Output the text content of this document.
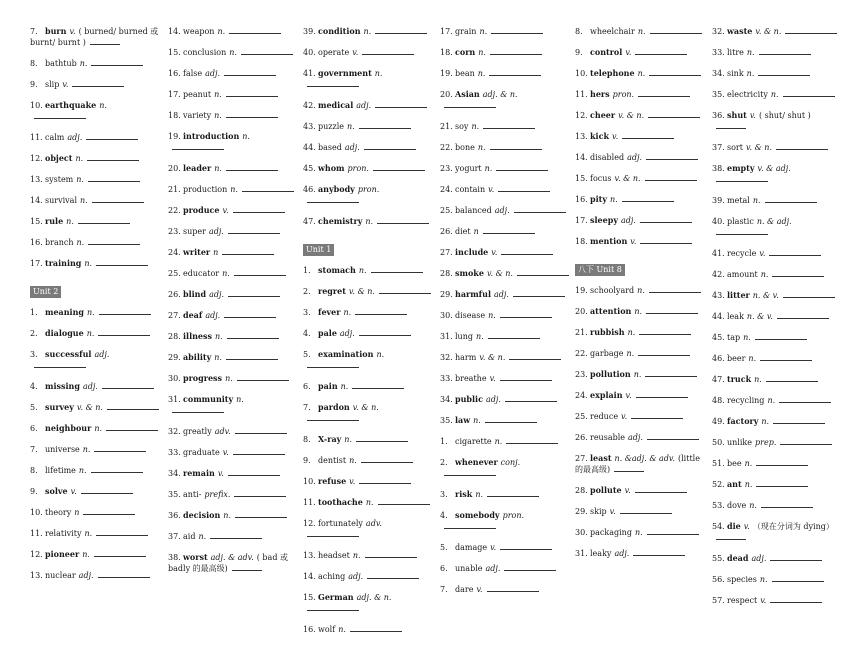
7. burn v. ( burned/ burned 或 burnt/ burnt )
8. bathtub n.
9. slip v.
10. earthquake n.
11. calm adj.
12. object n.
13. system n.
14. survival n.
15. rule n.
16. branch n.
17. training n.
Unit 2
1. meaning n.
2. dialogue n.
3. successful adj.
4. missing adj.
5. survey v. & n.
6. neighbour n.
7. universe n.
8. lifetime n.
9. solve v.
10. theory n
11. relativity n.
12. pioneer n.
13. nuclear adj.
14. weapon n.
15. conclusion n.
16. false adj.
17. peanut n.
18. variety n.
19. introduction n.
20. leader n.
21. production n.
22. produce v.
23. super adj.
24. writer n
25. educator n.
26. blind adj.
27. deaf adj.
28. illness n.
29. ability n.
30. progress n.
31. community n.
32. greatly adv.
33. graduate v.
34. remain v.
35. anti- prefix.
36. decision n.
37. aid n.
38. worst adj. & adv. ( bad 或 badly 的最高级)
39. condition n.
40. operate v.
41. government n.
42. medical adj.
43. puzzle n.
44. based adj.
45. whom pron.
46. anybody pron.
47. chemistry n.
Unit 1
1. stomach n.
2. regret v. & n.
3. fever n.
4. pale adj.
5. examination n.
6. pain n.
7. pardon v. & n.
8. X-ray n.
9. dentist n.
10. refuse v.
11. toothache n.
12. fortunately adv.
13. headset n.
14. aching adj.
15. German adj. & n.
16. wolf n.
17. grain n.
18. corn n.
19. bean n.
20. Asian adj. & n.
21. soy n.
22. bone n.
23. yogurt n.
24. contain v.
25. balanced adj.
26. diet n
27. include v.
28. smoke v. & n.
29. harmful adj.
30. disease n.
31. lung n.
32. harm v. & n.
33. breathe v.
34. public adj.
35. law n.
1. cigarette n.
2. whenever conj.
3. risk n.
4. somebody pron.
5. damage v.
6. unable adj.
7. dare v.
8. wheelchair n.
9. control v.
10. telephone n.
11. hers pron.
12. cheer v. & n.
13. kick v.
14. disabled adj.
15. focus v. & n.
16. pity n.
17. sleepy adj.
18. mention v.
八下 Unit 8
19. schoolyard n.
20. attention n.
21. rubbish n.
22. garbage n.
23. pollution n.
24. explain v.
25. reduce v.
26. reusable adj.
27. least n. &adj. & adv. (little 的最高级)
28. pollute v.
29. skip v.
30. packaging n.
31. leaky adj.
32. waste v. & n.
33. litre n.
34. sink n.
35. electricity n.
36. shut v. ( shut/ shut )
37. sort v. & n.
38. empty v. & adj.
39. metal n.
40. plastic n. & adj.
41. recycle v.
42. amount n.
43. litter n. & v.
44. leak n. & v.
45. tap n.
46. beer n.
47. truck n.
48. recycling n.
49. factory n.
50. unlike prep.
51. bee n.
52. ant n.
53. dove n.
54. die v. （现在分词为 dying）
55. dead adj.
56. species n.
57. respect v.
